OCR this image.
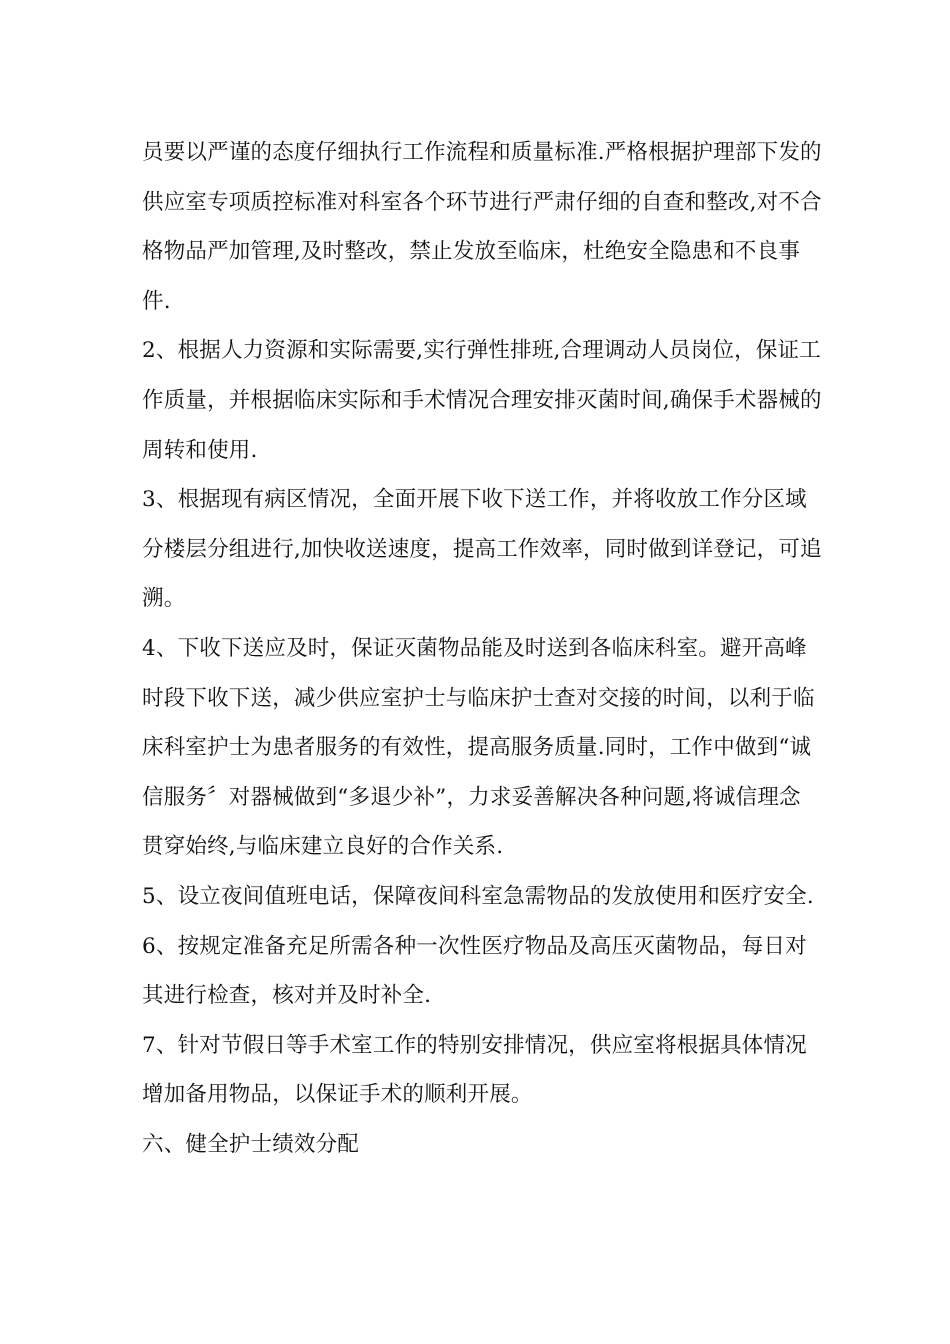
员要以严谨的态度仔细执行工作流程和质量标准.严格根据护理部下发的供应室专项质控标准对科室各个环节进行严肃仔细的自查和整改,对不合格物品严加管理,及时整改，禁止发放至临床，杜绝安全隐患和不良事件.

2、根据人力资源和实际需要,实行弹性排班,合理调动人员岗位，保证工作质量，并根据临床实际和手术情况合理安排灭菌时间,确保手术器械的周转和使用.

3、根据现有病区情况，全面开展下收下送工作，并将收放工作分区域分楼层分组进行,加快收送速度，提高工作效率，同时做到详登记，可追溯。

4、下收下送应及时，保证灭菌物品能及时送到各临床科室。避开高峰时段下收下送，减少供应室护士与临床护士查对交接的时间，以利于临床科室护士为患者服务的有效性，提高服务质量.同时，工作中做到“诚信服务〞对器械做到“多退少补”，力求妥善解决各种问题,将诚信理念贯穿始终,与临床建立良好的合作关系.

5、设立夜间值班电话，保障夜间科室急需物品的发放使用和医疗安全.

6、按规定准备充足所需各种一次性医疗物品及高压灭菌物品，每日对其进行检查，核对并及时补全.

7、针对节假日等手术室工作的特别安排情况，供应室将根据具体情况增加备用物品，以保证手术的顺利开展。

六、健全护士绩效分配
